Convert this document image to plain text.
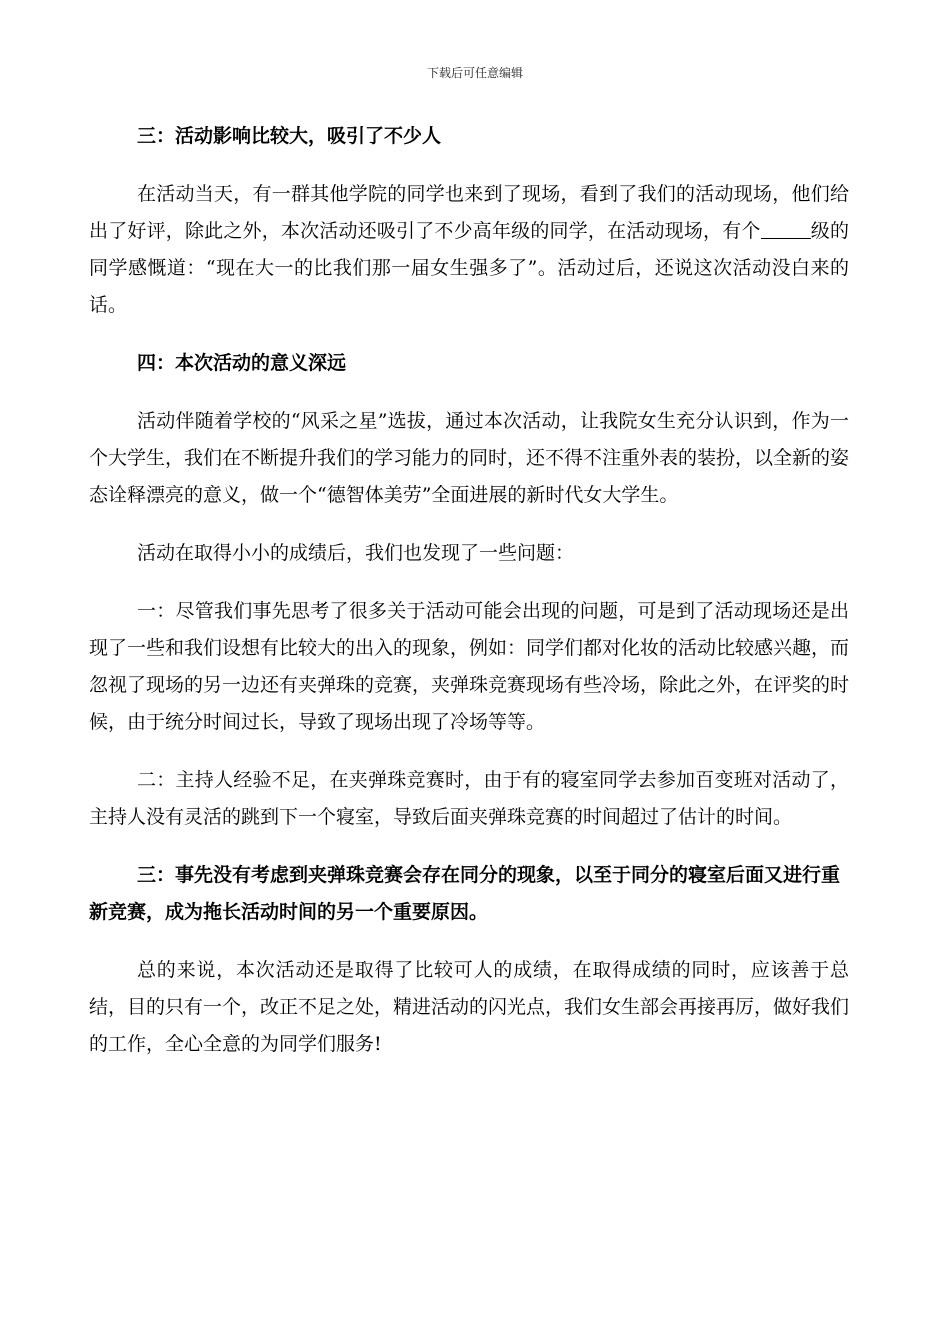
下载后可任意编辑

三：活动影响比较大，吸引了不少人

在活动当天，有一群其他学院的同学也来到了现场，看到了我们的活动现场，他们给出了好评，除此之外，本次活动还吸引了不少高年级的同学，在活动现场，有个	级的同学感慨道：“现在大一的比我们那一届女生强多了”。活动过后，还说这次活动没白来的话。

四：本次活动的意义深远

活动伴随着学校的“风采之星”选拔，通过本次活动，让我院女生充分认识到，作为一个大学生，我们在不断提升我们的学习能力的同时，还不得不注重外表的装扮，以全新的姿态诠释漂亮的意义，做一个“德智体美劳”全面进展的新时代女大学生。

活动在取得小小的成绩后，我们也发现了一些问题：

一：尽管我们事先思考了很多关于活动可能会出现的问题，可是到了活动现场还是出现了一些和我们设想有比较大的出入的现象，例如：同学们都对化妆的活动比较感兴趣，而忽视了现场的另一边还有夹弹珠的竞赛，夹弹珠竞赛现场有些冷场，除此之外，在评奖的时候，由于统分时间过长，导致了现场出现了冷场等等。

二：主持人经验不足，在夹弹珠竞赛时，由于有的寝室同学去参加百变班对活动了，主持人没有灵活的跳到下一个寝室，导致后面夹弹珠竞赛的时间超过了估计的时间。

三：事先没有考虑到夹弹珠竞赛会存在同分的现象，以至于同分的寝室后面又进行重新竞赛，成为拖长活动时间的另一个重要原因。

总的来说，本次活动还是取得了比较可人的成绩，在取得成绩的同时，应该善于总结，目的只有一个，改正不足之处，精进活动的闪光点，我们女生部会再接再厉，做好我们的工作，全心全意的为同学们服务!
